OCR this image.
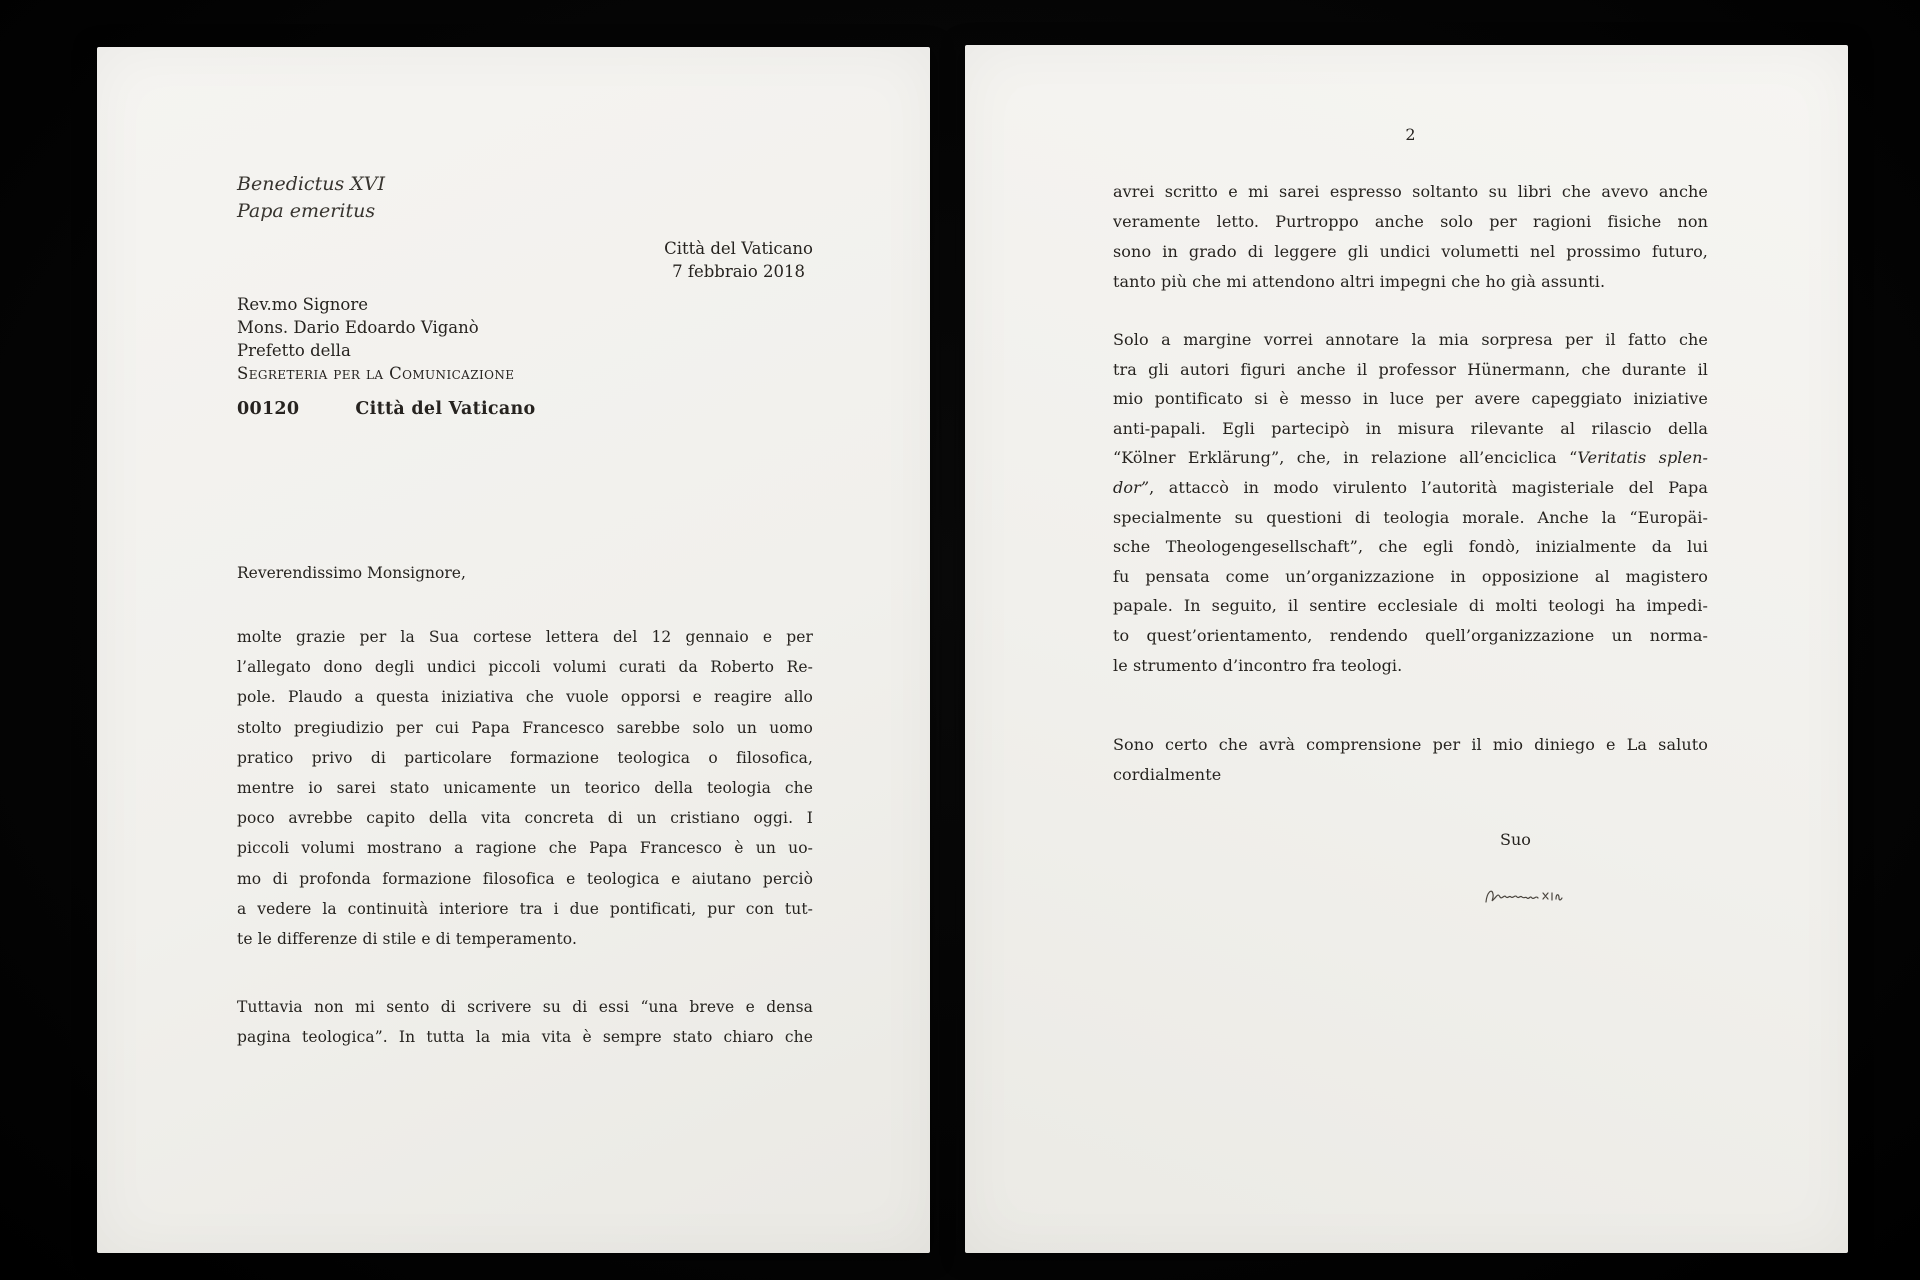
Benedictus XVI
Papa emeritus
Città del Vaticano
7 febbraio 2018
Rev.mo Signore
Mons. Dario Edoardo Viganò
Prefetto della
Segreteria per la Comunicazione
00120	Città del Vaticano
Reverendissimo Monsignore,
molte grazie per la Sua cortese lettera del 12 gennaio e per
l’allegato dono degli undici piccoli volumi curati da Roberto Re-
pole. Plaudo a questa iniziativa che vuole opporsi e reagire allo
stolto pregiudizio per cui Papa Francesco sarebbe solo un uomo
pratico privo di particolare formazione teologica o filosofica,
mentre io sarei stato unicamente un teorico della teologia che
poco avrebbe capito della vita concreta di un cristiano oggi. I
piccoli volumi mostrano a ragione che Papa Francesco è un uo-
mo di profonda formazione filosofica e teologica e aiutano perciò
a vedere la continuità interiore tra i due pontificati, pur con tut-
te le differenze di stile e di temperamento.
Tuttavia non mi sento di scrivere su di essi “una breve e densa
pagina teologica”. In tutta la mia vita è sempre stato chiaro che
2
avrei scritto e mi sarei espresso soltanto su libri che avevo anche
veramente letto. Purtroppo anche solo per ragioni fisiche non
sono in grado di leggere gli undici volumetti nel prossimo futuro,
tanto più che mi attendono altri impegni che ho già assunti.
Solo a margine vorrei annotare la mia sorpresa per il fatto che
tra gli autori figuri anche il professor Hünermann, che durante il
mio pontificato si è messo in luce per avere capeggiato iniziative
anti-papali. Egli partecipò in misura rilevante al rilascio della
“Kölner Erklärung”, che, in relazione all’enciclica “Veritatis splen-
dor”, attaccò in modo virulento l’autorità magisteriale del Papa
specialmente su questioni di teologia morale. Anche la “Europäi-
sche Theologengesellschaft”, che egli fondò, inizialmente da lui
fu pensata come un’organizzazione in opposizione al magistero
papale. In seguito, il sentire ecclesiale di molti teologi ha impedi-
to quest’orientamento, rendendo quell’organizzazione un norma-
le strumento d’incontro fra teologi.
Sono certo che avrà comprensione per il mio diniego e La saluto
cordialmente
Suo
